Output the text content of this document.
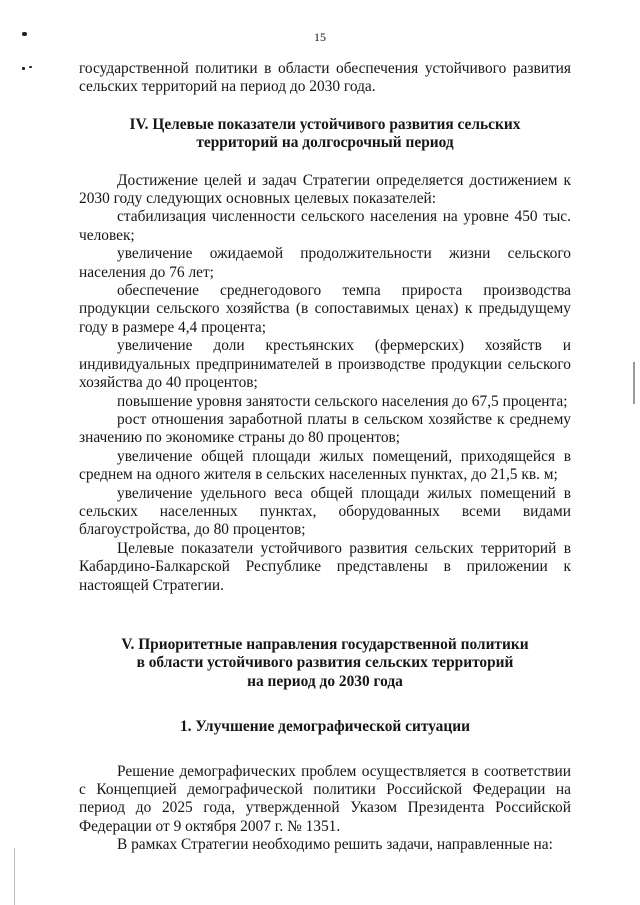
15

государственной политики в области обеспечения устойчивого развития сельских территорий на период до 2030 года.

IV. Целевые показатели устойчивого развития сельских

территорий на долгосрочный период

Достижение целей и задач Стратегии определяется достижением к 2030 году следующих основных целевых показателей:

стабилизация численности сельского населения на уровне 450 тыс. человек;

увеличение ожидаемой продолжительности жизни сельского населения до 76 лет;

обеспечение среднегодового темпа прироста производства продукции сельского хозяйства (в сопоставимых ценах) к предыдущему году в размере 4,4 процента;

увеличение доли крестьянских (фермерских) хозяйств и индивидуальных предпринимателей в производстве продукции сельского хозяйства до 40 процентов;

повышение уровня занятости сельского населения до 67,5 процента;

рост отношения заработной платы в сельском хозяйстве к среднему значению по экономике страны до 80 процентов;

увеличение общей площади жилых помещений, приходящейся в среднем на одного жителя в сельских населенных пунктах, до 21,5 кв. м;

увеличение удельного веса общей площади жилых помещений в сельских населенных пунктах, оборудованных всеми видами благоустройства, до 80 процентов;

Целевые показатели устойчивого развития сельских территорий в Кабардино-Балкарской Республике представлены в приложении к настоящей Стратегии.

V. Приоритетные направления государственной политики

в области устойчивого развития сельских территорий

на период до 2030 года

1. Улучшение демографической ситуации

Решение демографических проблем осуществляется в соответствии с Концепцией демографической политики Российской Федерации на период до 2025 года, утвержденной Указом Президента Российской Федерации от 9 октября 2007 г. № 1351.

В рамках Стратегии необходимо решить задачи, направленные на:
